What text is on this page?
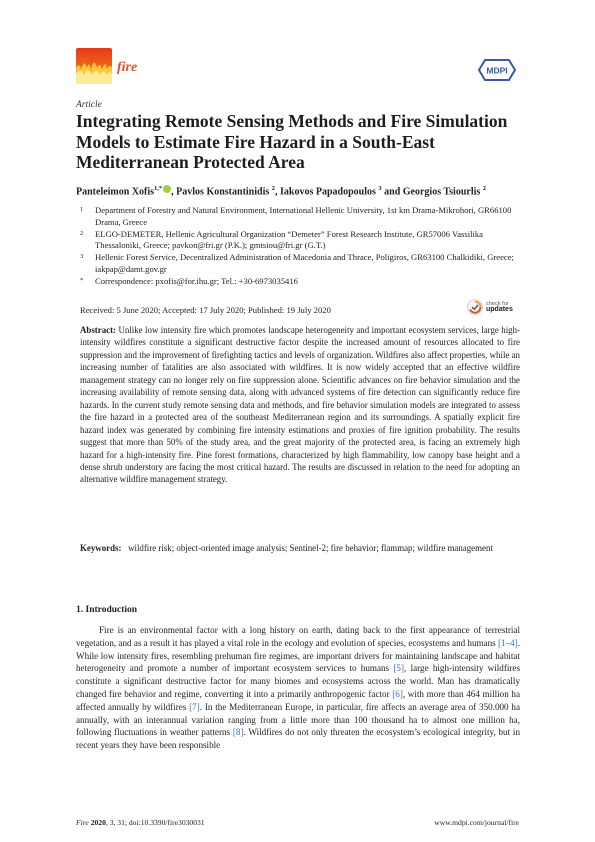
fire	MDPI
Article
Integrating Remote Sensing Methods and Fire Simulation Models to Estimate Fire Hazard in a South-East Mediterranean Protected Area
Panteleimon Xofis$^{1,*}$ , Pavlos Konstantinidis $^2$, Iakovos Papadopoulos $^3$ and Georgios Tsiourlis $^2$
1	Department of Forestry and Natural Environment, International Hellenic University, 1st km Drama-Mikrohori, GR66100 Drama, Greece
2	ELGO-DEMETER, Hellenic Agricultural Organization “Demeter” Forest Research Institute, GR57006 Vassilika Thessaloniki, Greece; pavkon@fri.gr (P.K.); gmtsiou@fri.gr (G.T.)
3	Hellenic Forest Service, Decentralized Administration of Macedonia and Thrace, Poligiros, GR63100 Chalkidiki, Greece; iakpap@damt.gov.gr
*	Correspondence: pxofis@for.ihu.gr; Tel.: +30-6973035416
Received: 5 June 2020; Accepted: 17 July 2020; Published: 19 July 2020
check for
updates
Abstract: Unlike low intensity fire which promotes landscape heterogeneity and important ecosystem services, large high-intensity wildfires constitute a significant destructive factor despite the increased amount of resources allocated to fire suppression and the improvement of firefighting tactics and levels of organization. Wildfires also affect properties, while an increasing number of fatalities are also associated with wildfires. It is now widely accepted that an effective wildfire management strategy can no longer rely on fire suppression alone. Scientific advances on fire behavior simulation and the increasing availability of remote sensing data, along with advanced systems of fire detection can significantly reduce fire hazards. In the current study remote sensing data and methods, and fire behavior simulation models are integrated to assess the fire hazard in a protected area of the southeast Mediterranean region and its surroundings. A spatially explicit fire hazard index was generated by combining fire intensity estimations and proxies of fire ignition probability. The results suggest that more than 50% of the study area, and the great majority of the protected area, is facing an extremely high hazard for a high-intensity fire. Pine forest formations, characterized by high flammability, low canopy base height and a dense shrub understory are facing the most critical hazard. The results are discussed in relation to the need for adopting an alternative wildfire management strategy.
Keywords: wildfire risk; object-oriented image analysis; Sentinel-2; fire behavior; flammap; wildfire management
1. Introduction

Fire is an environmental factor with a long history on earth, dating back to the first appearance of terrestrial vegetation, and as a result it has played a vital role in the ecology and evolution of species, ecosystems and humans [1–4]. While low intensity fires, resembling prehuman fire regimes, are important drivers for maintaining landscape and habitat heterogeneity and promote a number of important ecosystem services to humans [5], large high-intensity wildfires constitute a significant destructive factor for many biomes and ecosystems across the world. Man has dramatically changed fire behavior and regime, converting it into a primarily anthropogenic factor [6], with more than 464 million ha affected annually by wildfires [7]. In the Mediterranean Europe, in particular, fire affects an average area of 350.000 ha annually, with an interannual variation ranging from a little more than 100 thousand ha to almost one million ha, following fluctuations in weather patterns [8]. Wildfires do not only threaten the ecosystem’s ecological integrity, but in recent years they have been responsible

Fire 2020, 3, 31; doi:10.3390/fire3030031	www.mdpi.com/journal/fire
